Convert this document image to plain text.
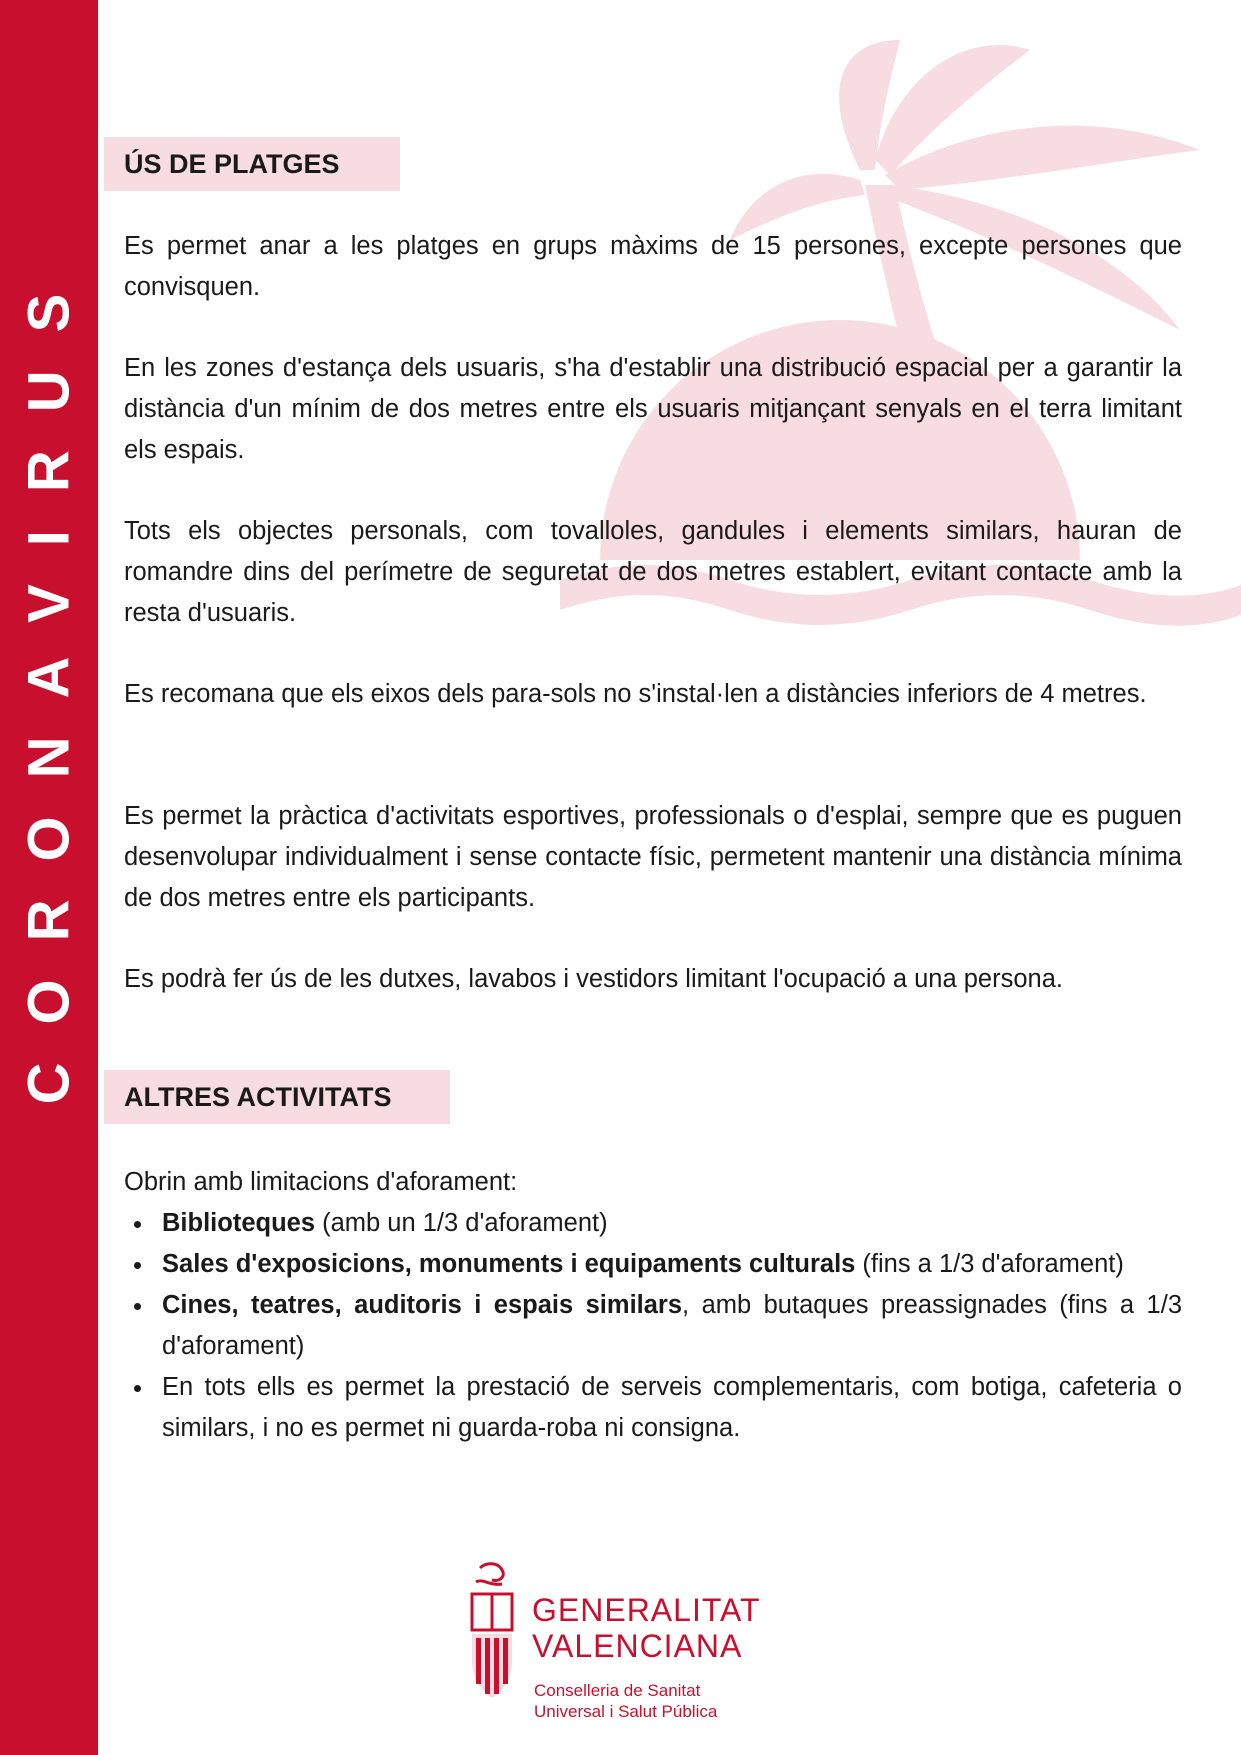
CORONAVIRUS
ÚS DE PLATGES

Es permet anar a les platges en grups màxims de 15 persones, excepte persones que convisquen.

En les zones d'estança dels usuaris, s'ha d'establir una distribució espacial per a garantir la distància d'un mínim de dos metres entre els usuaris mitjançant senyals en el terra limitant els espais.

Tots els objectes personals, com tovalloles, gandules i elements similars, hauran de romandre dins del perímetre de seguretat de dos metres establert, evitant contacte amb la resta d'usuaris.

Es recomana que els eixos dels para-sols no s'instal·len a distàncies inferiors de 4 metres.

Es permet la pràctica d'activitats esportives, professionals o d'esplai, sempre que es puguen desenvolupar individualment i sense contacte físic, permetent mantenir una distància mínima de dos metres entre els participants.

Es podrà fer ús de les dutxes, lavabos i vestidors limitant l'ocupació a una persona.

ALTRES ACTIVITATS

Obrin amb limitacions d'aforament:

Biblioteques (amb un 1/3 d'aforament)
Sales d'exposicions, monuments i equipaments culturals (fins a 1/3 d'aforament)
Cines, teatres, auditoris i espais similars, amb butaques preassignades (fins a 1/3 d'aforament)
En tots ells es permet la prestació de serveis complementaris, com botiga, cafeteria o similars, i no es permet ni guarda-roba ni consigna.
GENERALITAT
VALENCIANA
Conselleria de Sanitat
Universal i Salut Pública
